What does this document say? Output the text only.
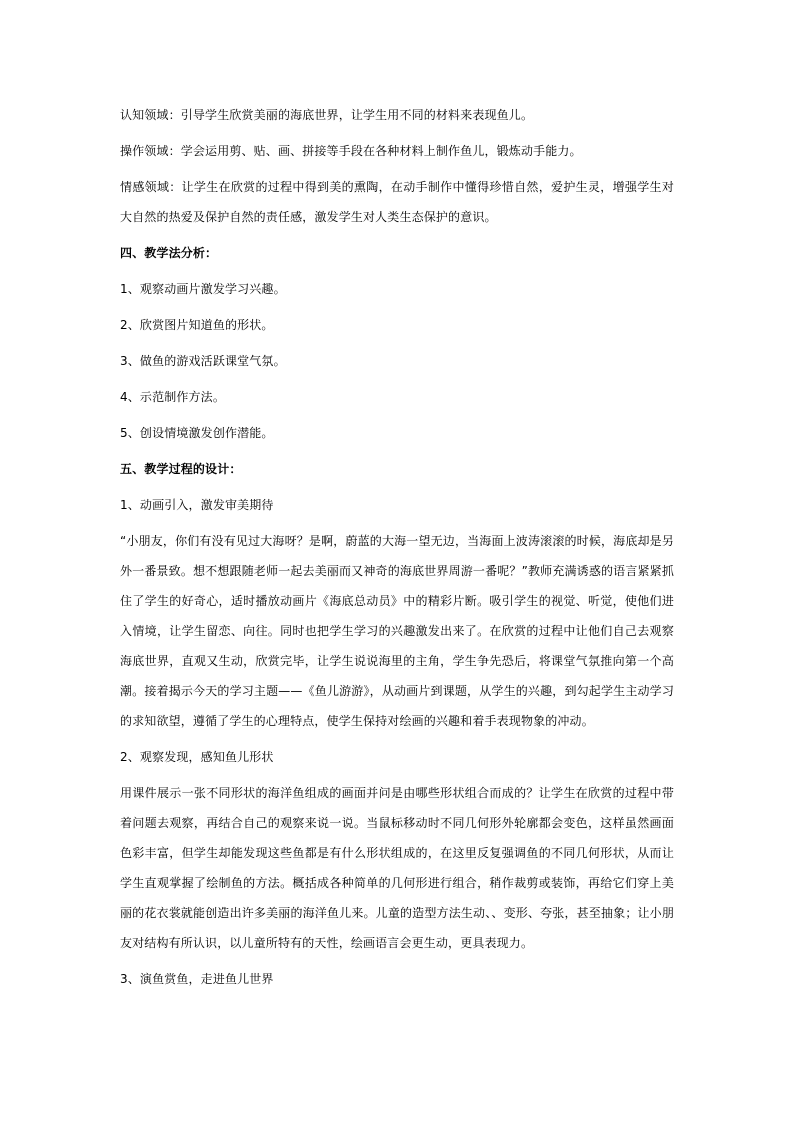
认知领域：引导学生欣赏美丽的海底世界，让学生用不同的材料来表现鱼儿。

操作领域：学会运用剪、贴、画、拼接等手段在各种材料上制作鱼儿，锻炼动手能力。

情感领域：让学生在欣赏的过程中得到美的熏陶，在动手制作中懂得珍惜自然，爱护生灵，增强学生对大自然的热爱及保护自然的责任感，激发学生对人类生态保护的意识。

四、教学法分析：

1、观察动画片激发学习兴趣。

2、欣赏图片知道鱼的形状。

3、做鱼的游戏活跃课堂气氛。

4、示范制作方法。

5、创设情境激发创作潜能。

五、教学过程的设计：

1、动画引入，激发审美期待

“小朋友，你们有没有见过大海呀？是啊，蔚蓝的大海一望无边，当海面上波涛滚滚的时候，海底却是另外一番景致。想不想跟随老师一起去美丽而又神奇的海底世界周游一番呢？”教师充满诱惑的语言紧紧抓住了学生的好奇心，适时播放动画片《海底总动员》中的精彩片断。吸引学生的视觉、听觉，使他们进入情境，让学生留恋、向往。同时也把学生学习的兴趣激发出来了。在欣赏的过程中让他们自己去观察海底世界，直观又生动，欣赏完毕，让学生说说海里的主角，学生争先恐后，将课堂气氛推向第一个高潮。接着揭示今天的学习主题——《鱼儿游游》，从动画片到课题，从学生的兴趣，到勾起学生主动学习的求知欲望，遵循了学生的心理特点，使学生保持对绘画的兴趣和着手表现物象的冲动。

2、观察发现，感知鱼儿形状

用课件展示一张不同形状的海洋鱼组成的画面并问是由哪些形状组合而成的？让学生在欣赏的过程中带着问题去观察，再结合自己的观察来说一说。当鼠标移动时不同几何形外轮廓都会变色，这样虽然画面色彩丰富，但学生却能发现这些鱼都是有什么形状组成的，在这里反复强调鱼的不同几何形状，从而让学生直观掌握了绘制鱼的方法。概括成各种简单的几何形进行组合，稍作裁剪或装饰，再给它们穿上美丽的花衣裳就能创造出许多美丽的海洋鱼儿来。儿童的造型方法生动、、变形、夸张，甚至抽象；让小朋友对结构有所认识，以儿童所特有的天性，绘画语言会更生动，更具表现力。

3、演鱼赏鱼，走进鱼儿世界
